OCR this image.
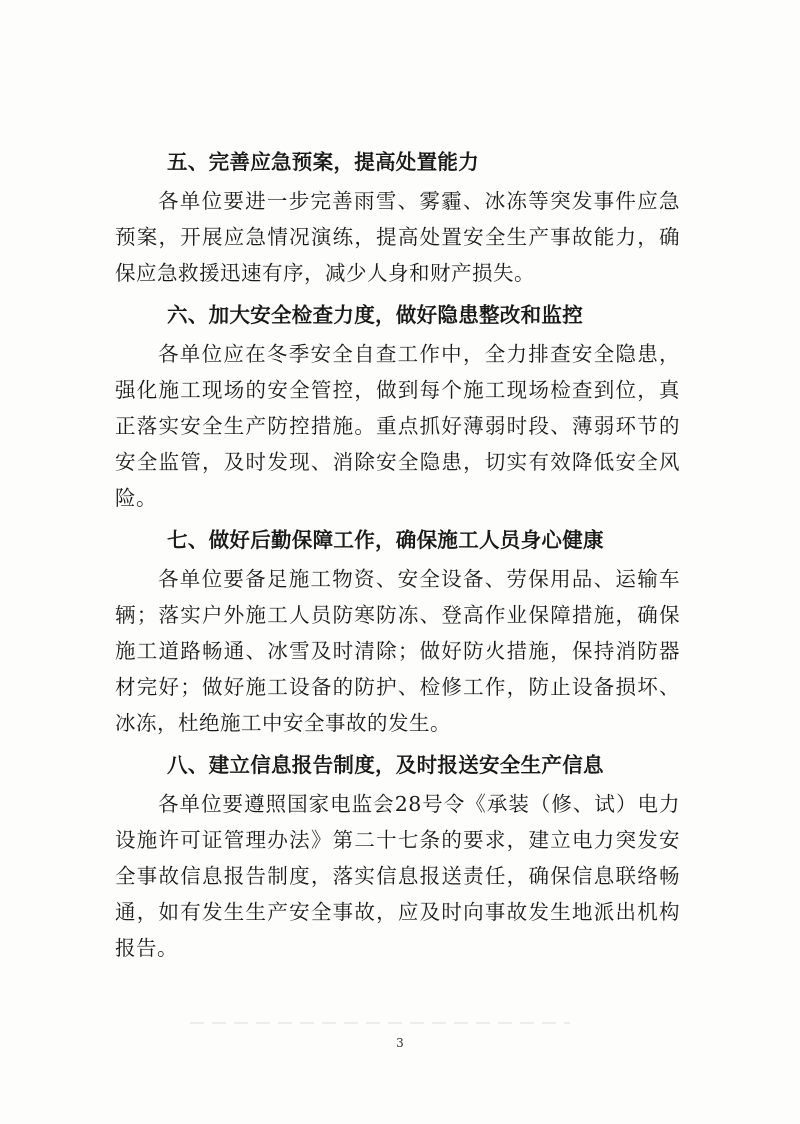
五、完善应急预案，提高处置能力

各单位要进一步完善雨雪、雾霾、冰冻等突发事件应急预案，开展应急情况演练，提高处置安全生产事故能力，确保应急救援迅速有序，减少人身和财产损失。

六、加大安全检查力度，做好隐患整改和监控

各单位应在冬季安全自查工作中，全力排查安全隐患，强化施工现场的安全管控，做到每个施工现场检查到位，真正落实安全生产防控措施。重点抓好薄弱时段、薄弱环节的安全监管，及时发现、消除安全隐患，切实有效降低安全风险。

七、做好后勤保障工作，确保施工人员身心健康

各单位要备足施工物资、安全设备、劳保用品、运输车辆；落实户外施工人员防寒防冻、登高作业保障措施，确保施工道路畅通、冰雪及时清除；做好防火措施，保持消防器材完好；做好施工设备的防护、检修工作，防止设备损坏、冰冻，杜绝施工中安全事故的发生。

八、建立信息报告制度，及时报送安全生产信息

各单位要遵照国家电监会28号令《承装（修、试）电力设施许可证管理办法》第二十七条的要求，建立电力突发安全事故信息报告制度，落实信息报送责任，确保信息联络畅通，如有发生生产安全事故，应及时向事故发生地派出机构报告。

3
